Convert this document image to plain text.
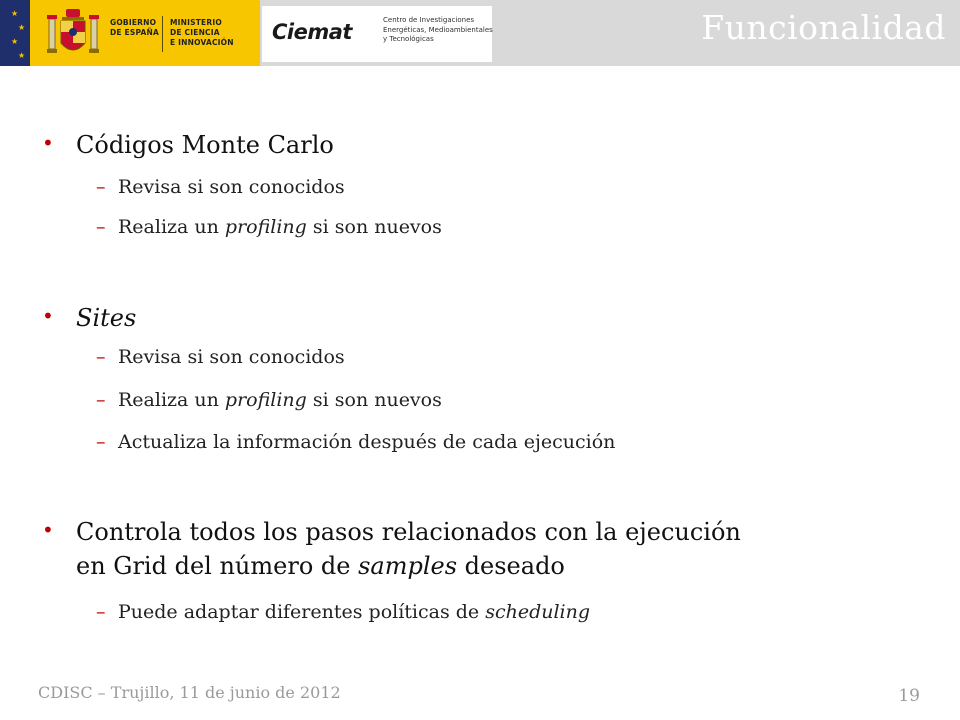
★
★
★
★
GOBIERNO
DE ESPAÑA
MINISTERIO
DE CIENCIA
E INNOVACIÓN Ciemat	Centro de Investigaciones
Energéticas, Medioambientales
y Tecnológicas	Funcionalidad
• Códigos Monte Carlo
– Revisa si son conocidos
– Realiza un profiling si son nuevos
• Sites
– Revisa si son conocidos
– Realiza un profiling si son nuevos
– Actualiza la información después de cada ejecución
• Controla todos los pasos relacionados con la ejecución
en Grid del número de samples deseado
– Puede adaptar diferentes políticas de scheduling
CDISC – Trujillo, 11 de junio de 2012	19
